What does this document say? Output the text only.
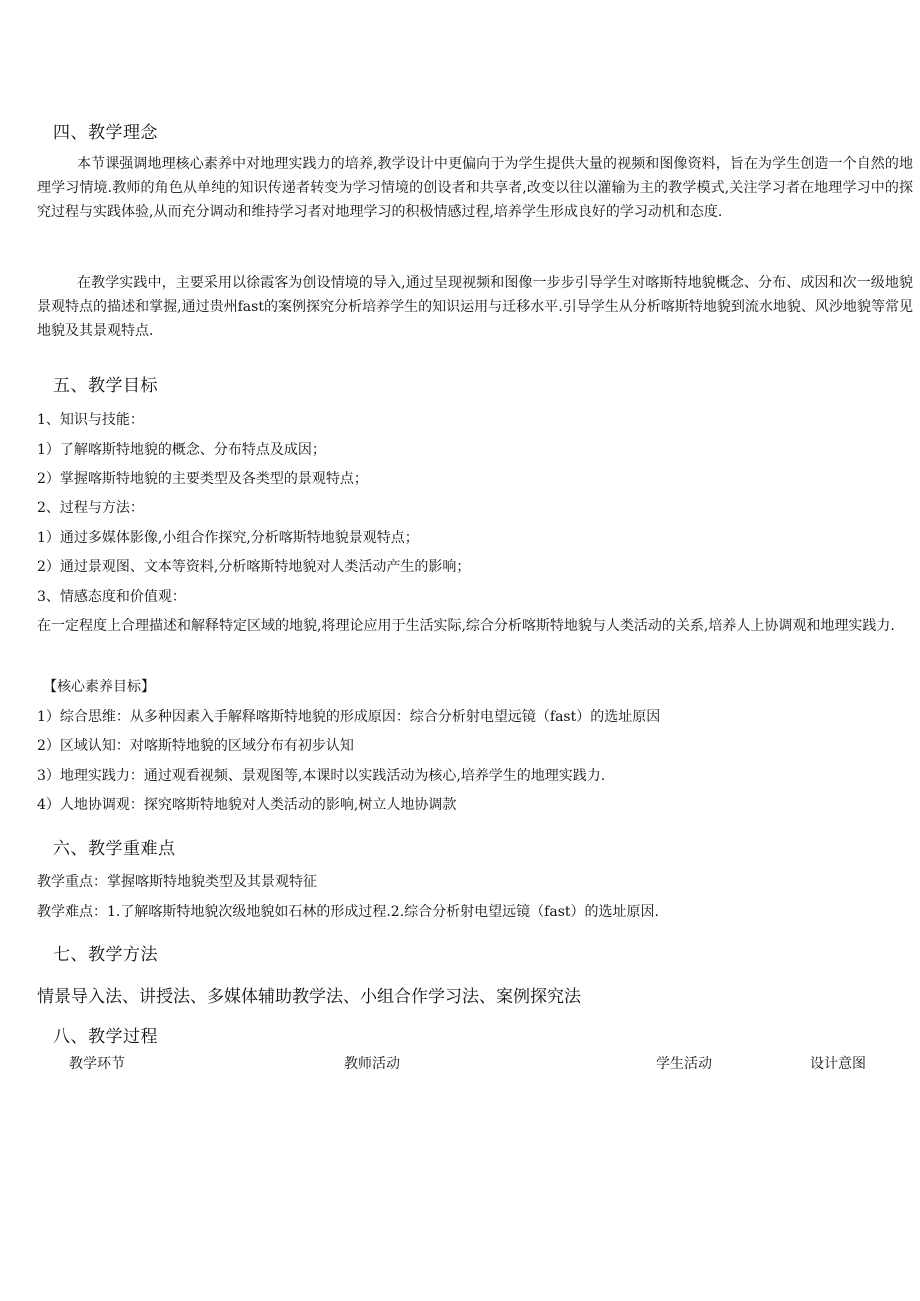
四、教学理念
本节课强调地理核心素养中对地理实践力的培养,教学设计中更偏向于为学生提供大量的视频和图像资料，旨在为学生创造一个自然的地理学习情境.教师的角色从单纯的知识传递者转变为学习情境的创设者和共享者,改变以往以灌输为主的教学模式,关注学习者在地理学习中的探究过程与实践体验,从而充分调动和维持学习者对地理学习的积极情感过程,培养学生形成良好的学习动机和态度.
在教学实践中，主要采用以徐霞客为创设情境的导入,通过呈现视频和图像一步步引导学生对喀斯特地貌概念、分布、成因和次一级地貌景观特点的描述和掌握,通过贵州fast的案例探究分析培养学生的知识运用与迁移水平.引导学生从分析喀斯特地貌到流水地貌、风沙地貌等常见地貌及其景观特点.
五、教学目标
1、知识与技能：
1）了解喀斯特地貌的概念、分布特点及成因；
2）掌握喀斯特地貌的主要类型及各类型的景观特点；
2、过程与方法：
1）通过多媒体影像,小组合作探究,分析喀斯特地貌景观特点；
2）通过景观图、文本等资料,分析喀斯特地貌对人类活动产生的影响；
3、情感态度和价值观：
在一定程度上合理描述和解释特定区域的地貌,将理论应用于生活实际,综合分析喀斯特地貌与人类活动的关系,培养人上协调观和地理实践力.
【核心素养目标】
1）综合思维：从多种因素入手解释喀斯特地貌的形成原因：综合分析射电望远镜（fast）的选址原因
2）区域认知：对喀斯特地貌的区域分布有初步认知
3）地理实践力：通过观看视频、景观图等,本课时以实践活动为核心,培养学生的地理实践力.
4）人地协调观：探究喀斯特地貌对人类活动的影响,树立人地协调款
六、教学重难点
教学重点：掌握喀斯特地貌类型及其景观特征
教学难点：1.了解喀斯特地貌次级地貌如石林的形成过程.2.综合分析射电望远镜（fast）的选址原因.
七、教学方法
情景导入法、讲授法、多媒体辅助教学法、小组合作学习法、案例探究法
八、教学过程
教学环节	教师活动	学生活动	设计意图
